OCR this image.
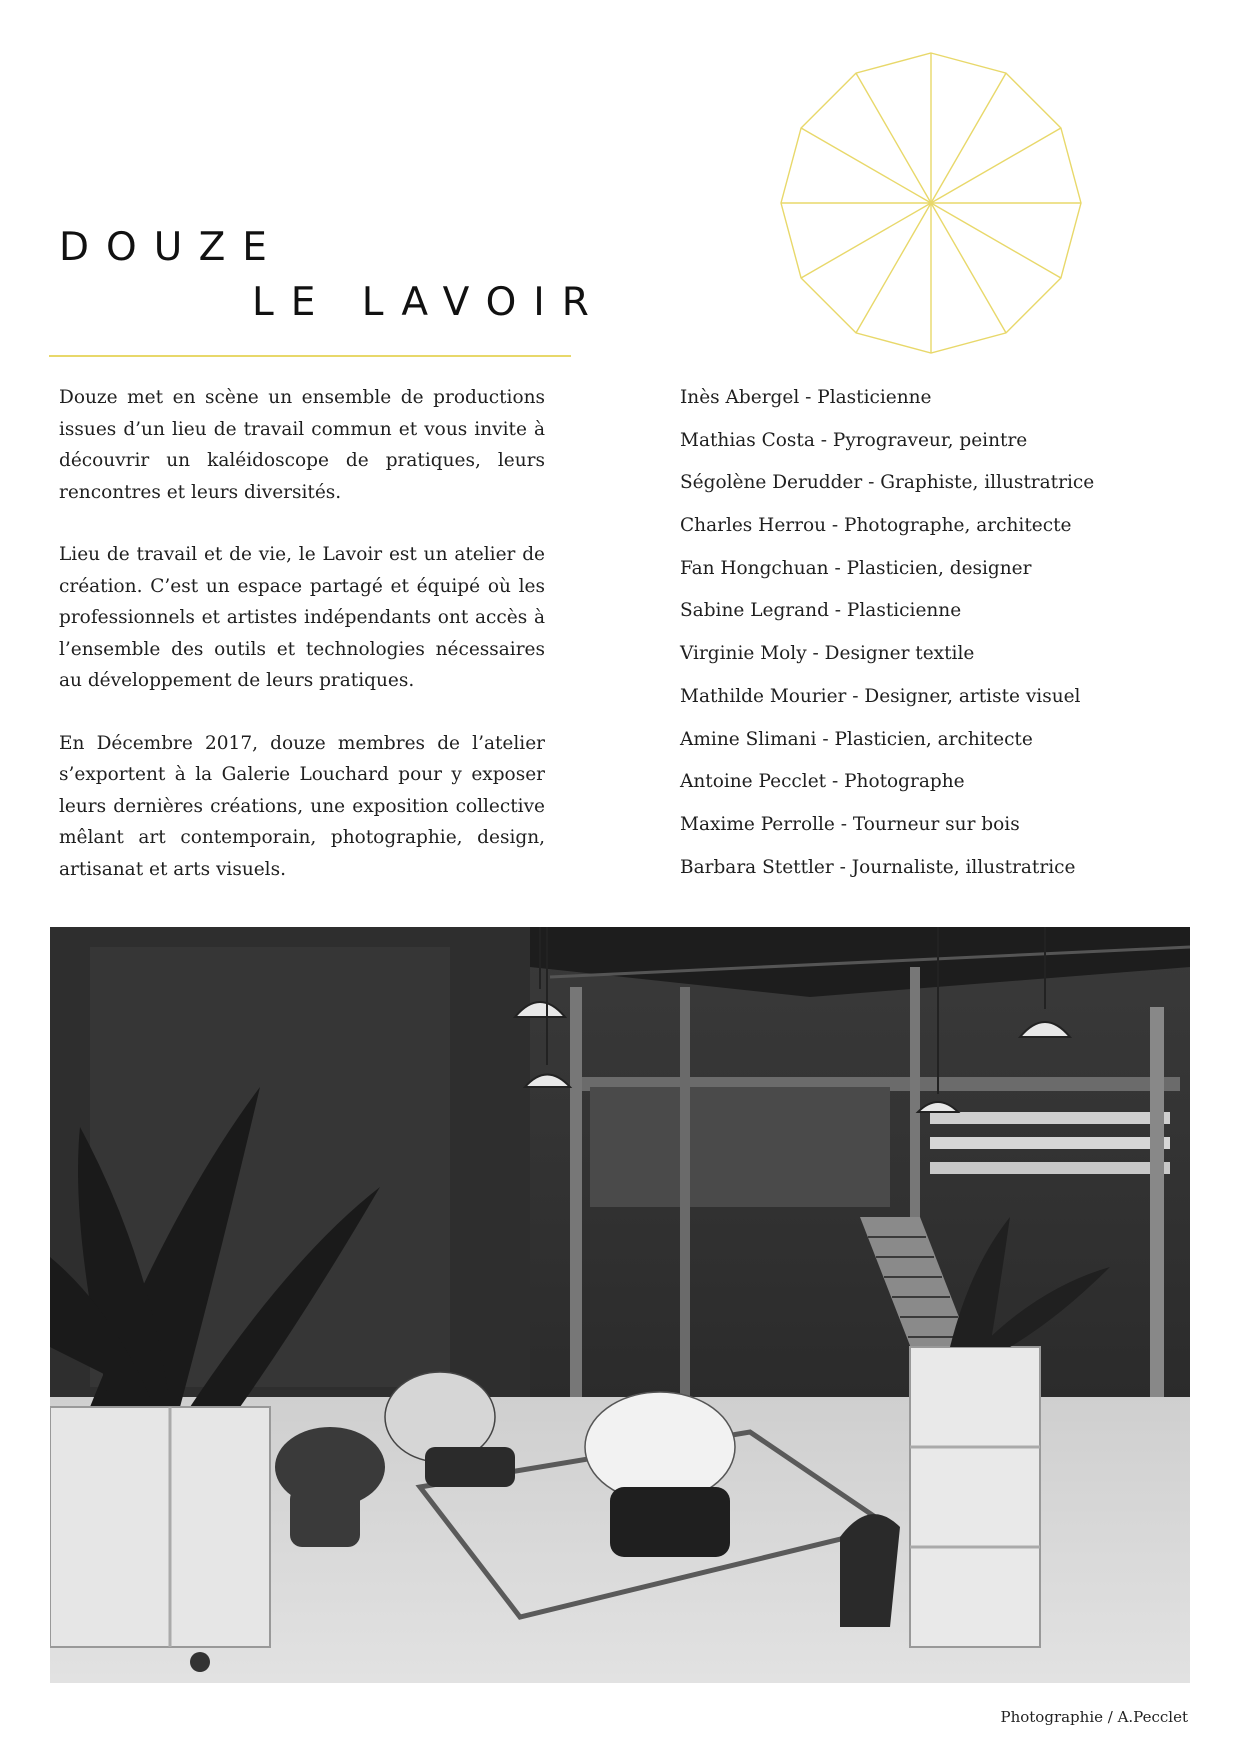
DOUZE
LE LAVOIR

Douze met en scène un ensemble de productions issues d’un lieu de travail commun et vous invite à découvrir un kaléidoscope de pratiques, leurs rencontres et leurs diversités.

Lieu de travail et de vie, le Lavoir est un atelier de création. C’est un espace partagé et équipé où les professionnels et artistes indépendants ont accès à l’ensemble des outils et technologies nécessaires au développement de leurs pratiques.

En Décembre 2017, douze membres de l’atelier s’exportent à la Galerie Louchard pour y exposer leurs dernières créations, une exposition collective mêlant art contemporain, photographie, design, artisanat et arts visuels.

Inès Abergel - Plasticienne
Mathias Costa - Pyrograveur, peintre
Ségolène Derudder - Graphiste, illustratrice
Charles Herrou - Photographe, architecte
Fan Hongchuan - Plasticien, designer
Sabine Legrand - Plasticienne
Virginie Moly - Designer textile
Mathilde Mourier - Designer, artiste visuel
Amine Slimani - Plasticien, architecte
Antoine Pecclet - Photographe
Maxime Perrolle - Tourneur sur bois
Barbara Stettler - Journaliste, illustratrice
Photographie / A.Pecclet
